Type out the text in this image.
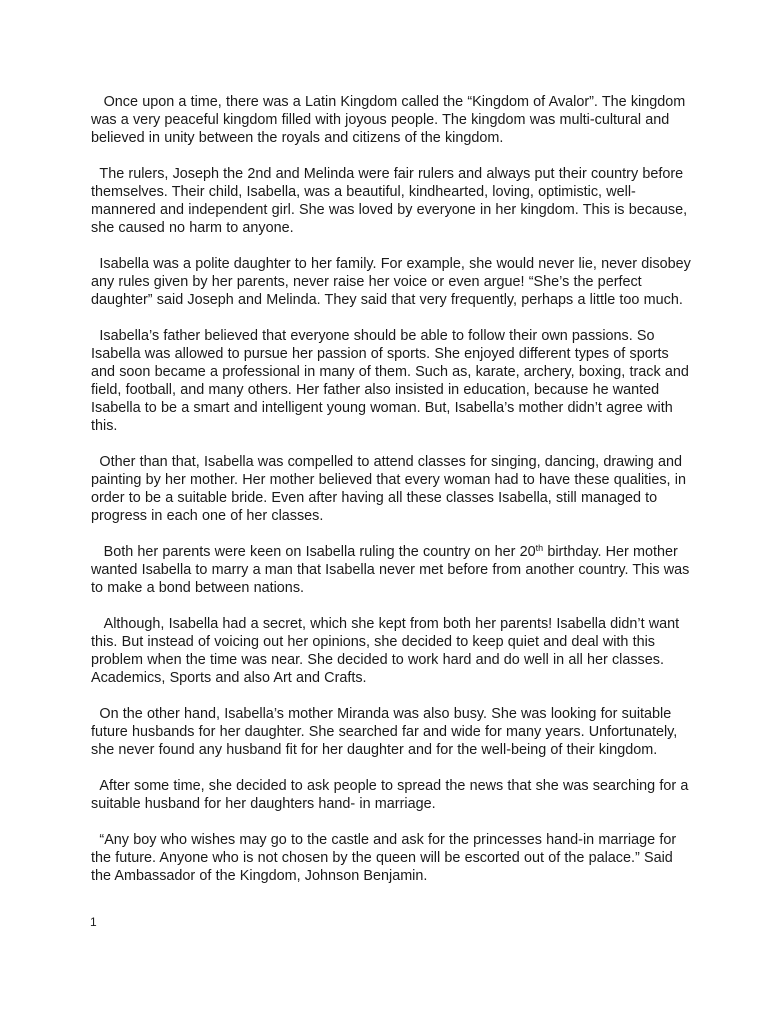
Once upon a time, there was a Latin Kingdom called the “Kingdom of Avalor”. The kingdom was a very peaceful kingdom filled with joyous people. The kingdom was multi-cultural and believed in unity between the royals and citizens of the kingdom.

The rulers, Joseph the 2nd and Melinda were fair rulers and always put their country before themselves. Their child, Isabella, was a beautiful, kindhearted, loving, optimistic, well-mannered and independent girl. She was loved by everyone in her kingdom. This is because, she caused no harm to anyone.

Isabella was a polite daughter to her family. For example, she would never lie, never disobey any rules given by her parents, never raise her voice or even argue! “She’s the perfect daughter” said Joseph and Melinda. They said that very frequently, perhaps a little too much.

Isabella’s father believed that everyone should be able to follow their own passions. So Isabella was allowed to pursue her passion of sports. She enjoyed different types of sports and soon became a professional in many of them. Such as, karate, archery, boxing, track and field, football, and many others. Her father also insisted in education, because he wanted Isabella to be a smart and intelligent young woman. But, Isabella’s mother didn’t agree with this.

Other than that, Isabella was compelled to attend classes for singing, dancing, drawing and painting by her mother. Her mother believed that every woman had to have these qualities, in order to be a suitable bride. Even after having all these classes Isabella, still managed to progress in each one of her classes.

Both her parents were keen on Isabella ruling the country on her 20th birthday. Her mother wanted Isabella to marry a man that Isabella never met before from another country. This was to make a bond between nations.

Although, Isabella had a secret, which she kept from both her parents! Isabella didn’t want this. But instead of voicing out her opinions, she decided to keep quiet and deal with this problem when the time was near. She decided to work hard and do well in all her classes. Academics, Sports and also Art and Crafts.

On the other hand, Isabella’s mother Miranda was also busy. She was looking for suitable future husbands for her daughter. She searched far and wide for many years. Unfortunately, she never found any husband fit for her daughter and for the well-being of their kingdom.

After some time, she decided to ask people to spread the news that she was searching for a suitable husband for her daughters hand- in marriage.

“Any boy who wishes may go to the castle and ask for the princesses hand-in marriage for the future. Anyone who is not chosen by the queen will be escorted out of the palace.” Said the Ambassador of the Kingdom, Johnson Benjamin.

1
